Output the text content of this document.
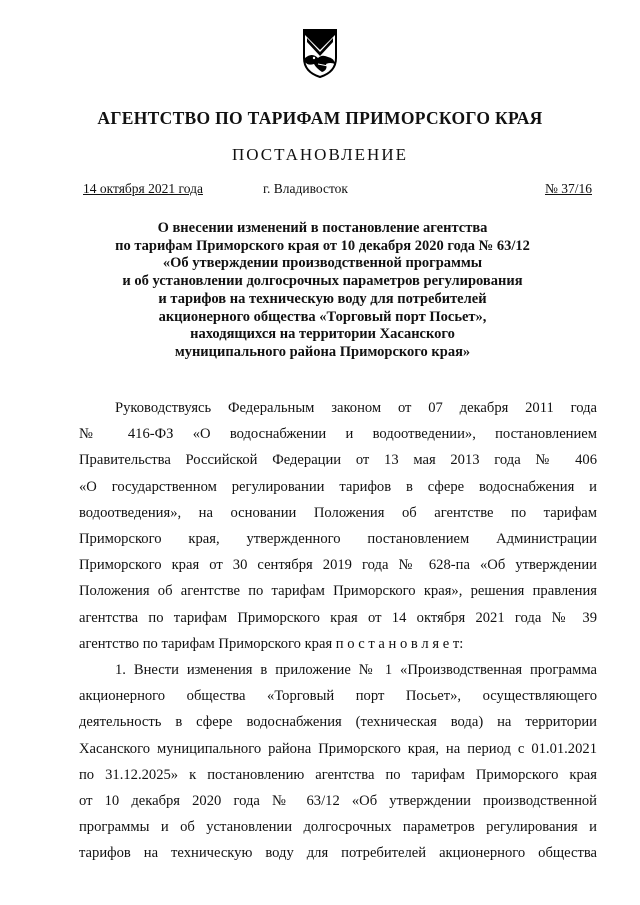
АГЕНТСТВО ПО ТАРИФАМ ПРИМОРСКОГО КРАЯ
ПОСТАНОВЛЕНИЕ
14 октября 2021 года	г. Владивосток	№ 37/16
О внесении изменений в постановление агентства
по тарифам Приморского края от 10 декабря 2020 года № 63/12
«Об утверждении производственной программы
и об установлении долгосрочных параметров регулирования
и тарифов на техническую воду для потребителей
акционерного общества «Торговый порт Посьет»,
находящихся на территории Хасанского
муниципального района Приморского края»
Руководствуясь Федеральным законом от 07 декабря 2011 года
№ 416-ФЗ «О водоснабжении и водоотведении», постановлением
Правительства Российской Федерации от 13 мая 2013 года № 406
«О государственном регулировании тарифов в сфере водоснабжения и
водоотведения», на основании Положения об агентстве по тарифам
Приморского края, утвержденного постановлением Администрации
Приморского края от 30 сентября 2019 года № 628-па «Об утверждении
Положения об агентстве по тарифам Приморского края», решения правления
агентства по тарифам Приморского края от 14 октября 2021 года № 39
агентство по тарифам Приморского края п о с т а н о в л я е т:
1. Внести изменения в приложение № 1 «Производственная программа
акционерного общества «Торговый порт Посьет», осуществляющего
деятельность в сфере водоснабжения (техническая вода) на территории
Хасанского муниципального района Приморского края, на период с 01.01.2021
по 31.12.2025» к постановлению агентства по тарифам Приморского края
от 10 декабря 2020 года № 63/12 «Об утверждении производственной
программы и об установлении долгосрочных параметров регулирования и
тарифов на техническую воду для потребителей акционерного общества
